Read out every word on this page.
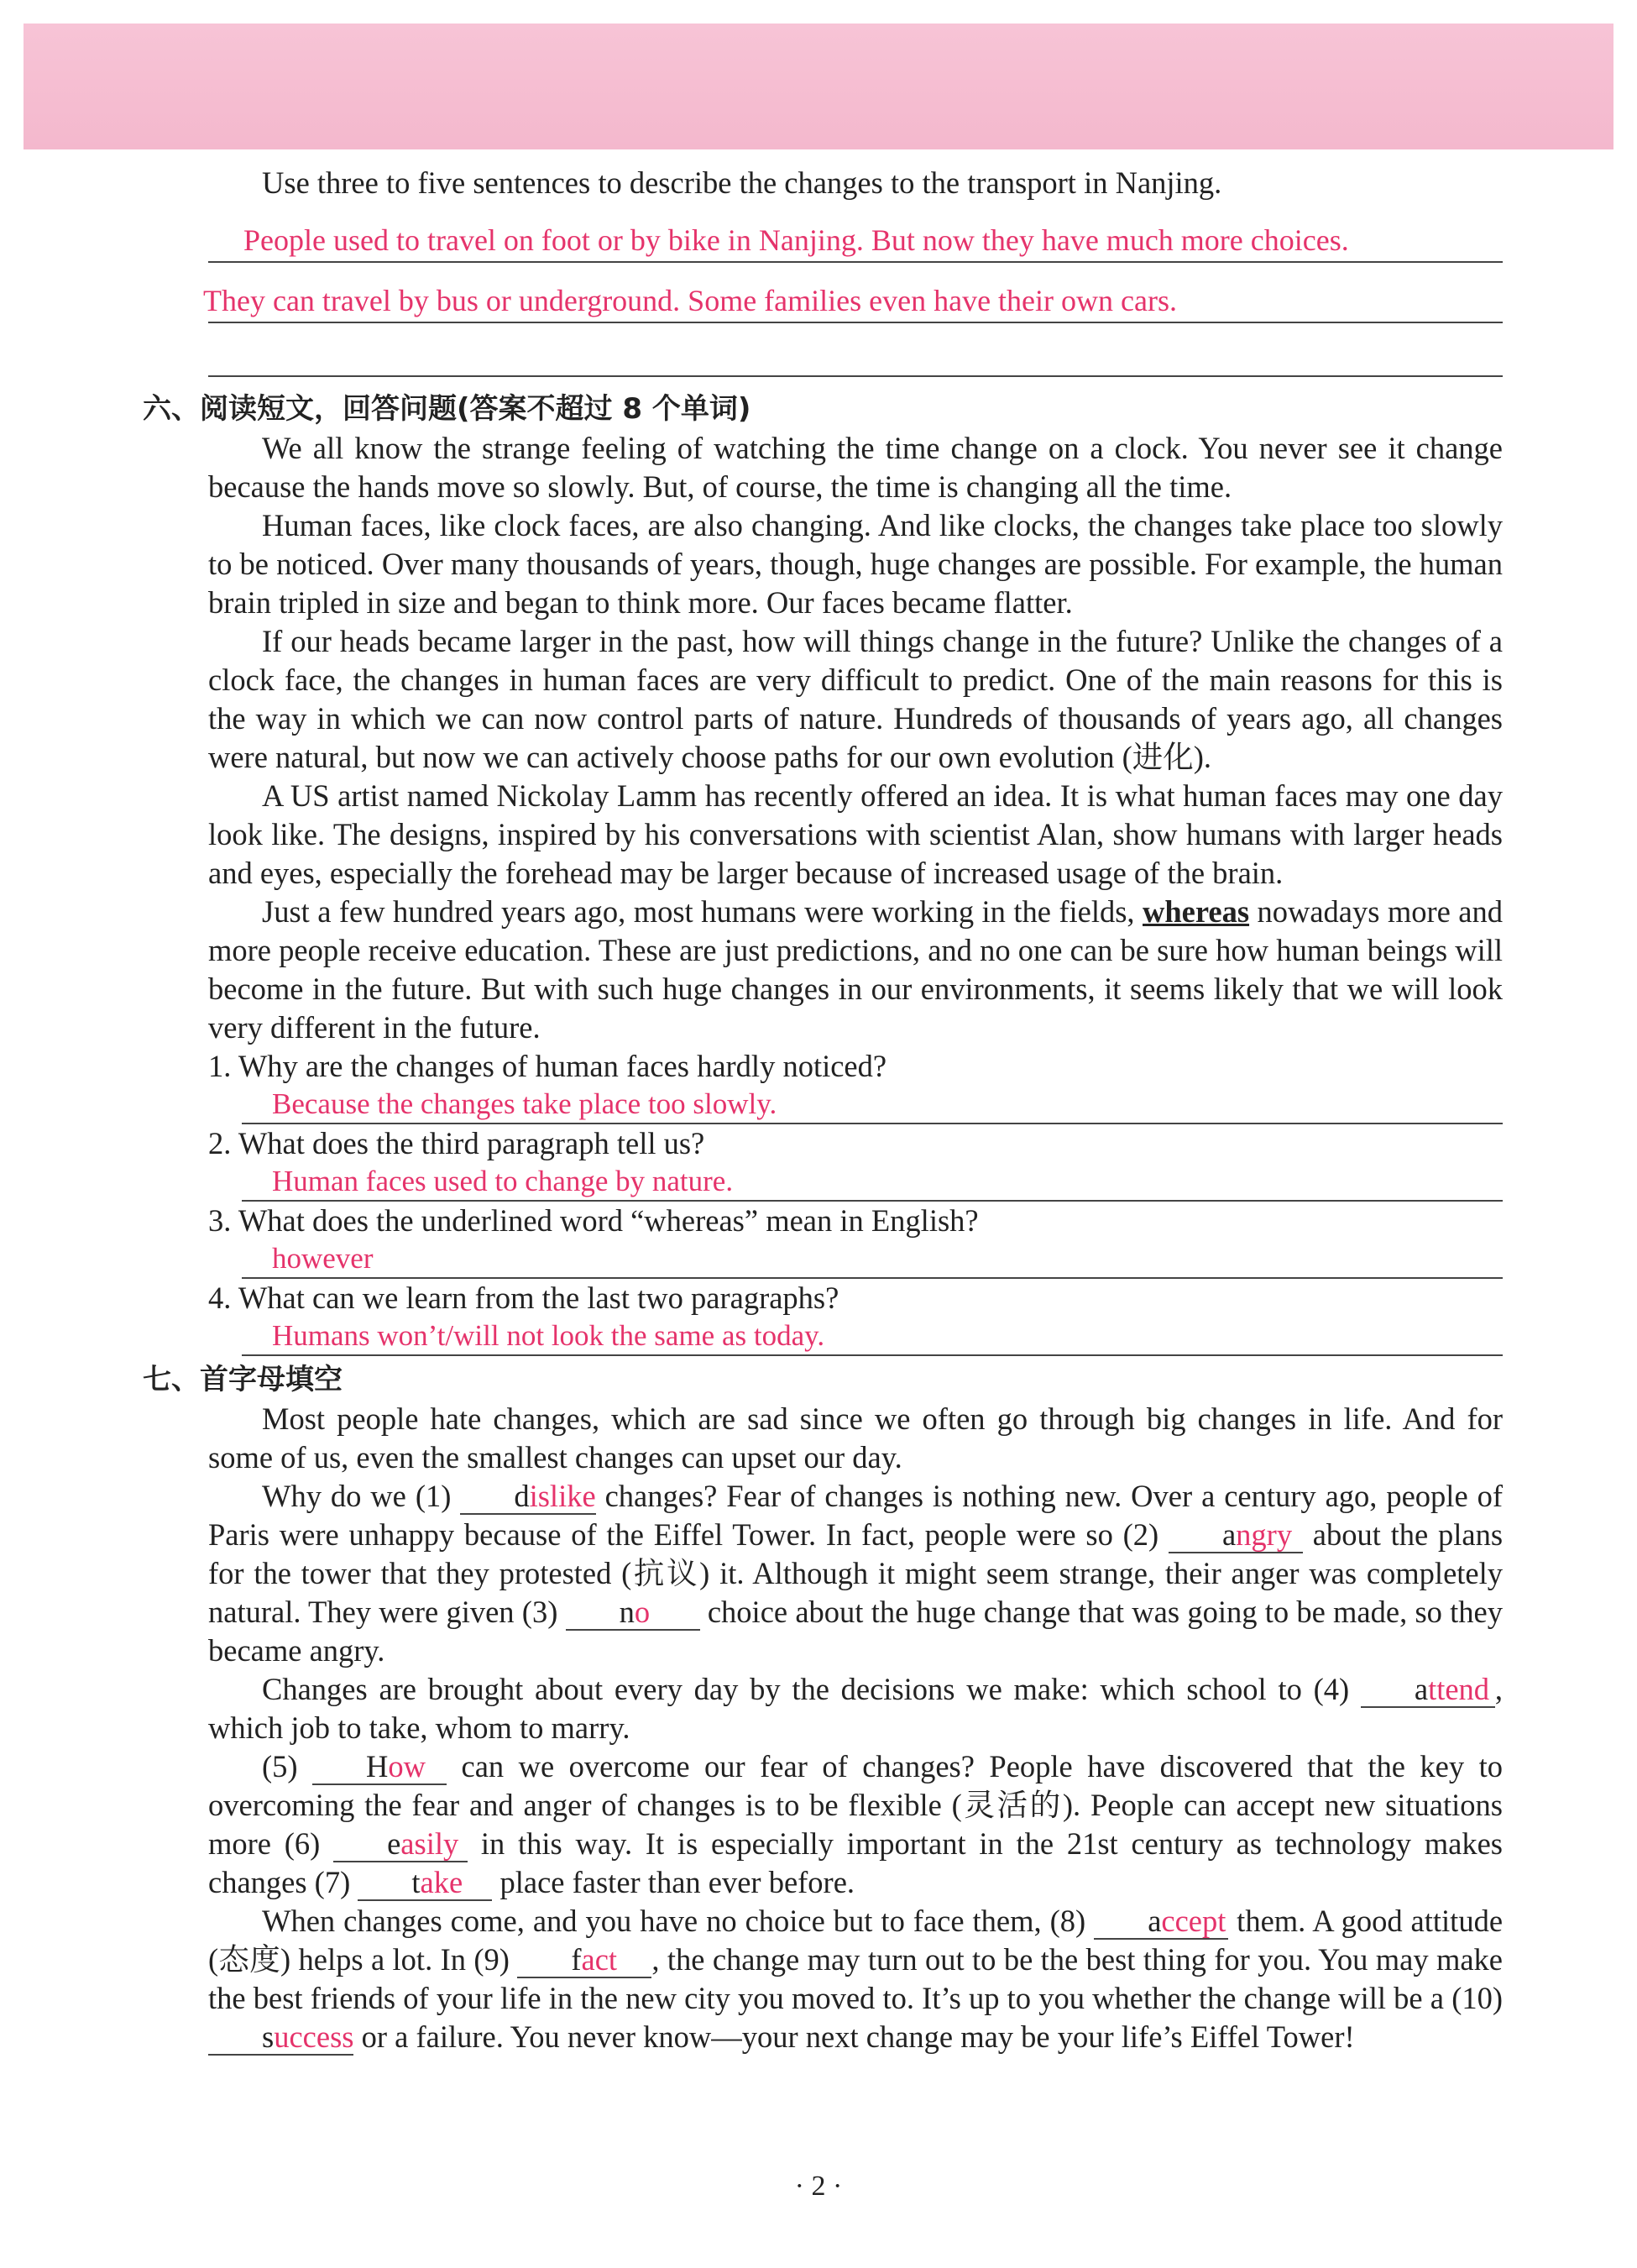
Use three to five sentences to describe the changes to the transport in Nanjing.

People used to travel on foot or by bike in Nanjing. But now they have much more choices.
They can travel by bus or underground. Some families even have their own cars.
六、阅读短文，回答问题(答案不超过 8 个单词)

We all know the strange feeling of watching the time change on a clock. You never see it change because the hands move so slowly. But, of course, the time is changing all the time.

Human faces, like clock faces, are also changing. And like clocks, the changes take place too slowly to be noticed. Over many thousands of years, though, huge changes are possible. For example, the human brain tripled in size and began to think more. Our faces became flatter.

If our heads became larger in the past, how will things change in the future? Unlike the changes of a clock face, the changes in human faces are very difficult to predict. One of the main reasons for this is the way in which we can now control parts of nature. Hundreds of thousands of years ago, all changes were natural, but now we can actively choose paths for our own evolution (进化).

A US artist named Nickolay Lamm has recently offered an idea. It is what human faces may one day look like. The designs, inspired by his conversations with scientist Alan, show humans with larger heads and eyes, especially the forehead may be larger because of increased usage of the brain.

Just a few hundred years ago, most humans were working in the fields, whereas nowadays more and more people receive education. These are just predictions, and no one can be sure how human beings will become in the future. But with such huge changes in our environments, it seems likely that we will look very different in the future.

1. Why are the changes of human faces hardly noticed?

Because the changes take place too slowly.

2. What does the third paragraph tell us?

Human faces used to change by nature.

3. What does the underlined word “whereas” mean in English?

however

4. What can we learn from the last two paragraphs?

Humans won’t/will not look the same as today.
七、首字母填空

Most people hate changes, which are sad since we often go through big changes in life. And for some of us, even the smallest changes can upset our day.

Why do we (1) dislike changes? Fear of changes is nothing new. Over a century ago, people of Paris were unhappy because of the Eiffel Tower. In fact, people were so (2) angry about the plans for the tower that they protested (抗议) it. Although it might seem strange, their anger was completely natural. They were given (3) no choice about the huge change that was going to be made, so they became angry.

Changes are brought about every day by the decisions we make: which school to (4) attend , which job to take, whom to marry.

(5) How can we overcome our fear of changes? People have discovered that the key to overcoming the fear and anger of changes is to be flexible (灵活的). People can accept new situations more (6) easily in this way. It is especially important in the 21st century as technology makes changes (7) take place faster than ever before.

When changes come, and you have no choice but to face them, (8) accept them. A good attitude (态度) helps a lot. In (9) fact , the change may turn out to be the best thing for you. You may make the best friends of your life in the new city you moved to. It’s up to you whether the change will be a (10) success or a failure. You never know—your next change may be your life’s Eiffel Tower!

· 2 ·
